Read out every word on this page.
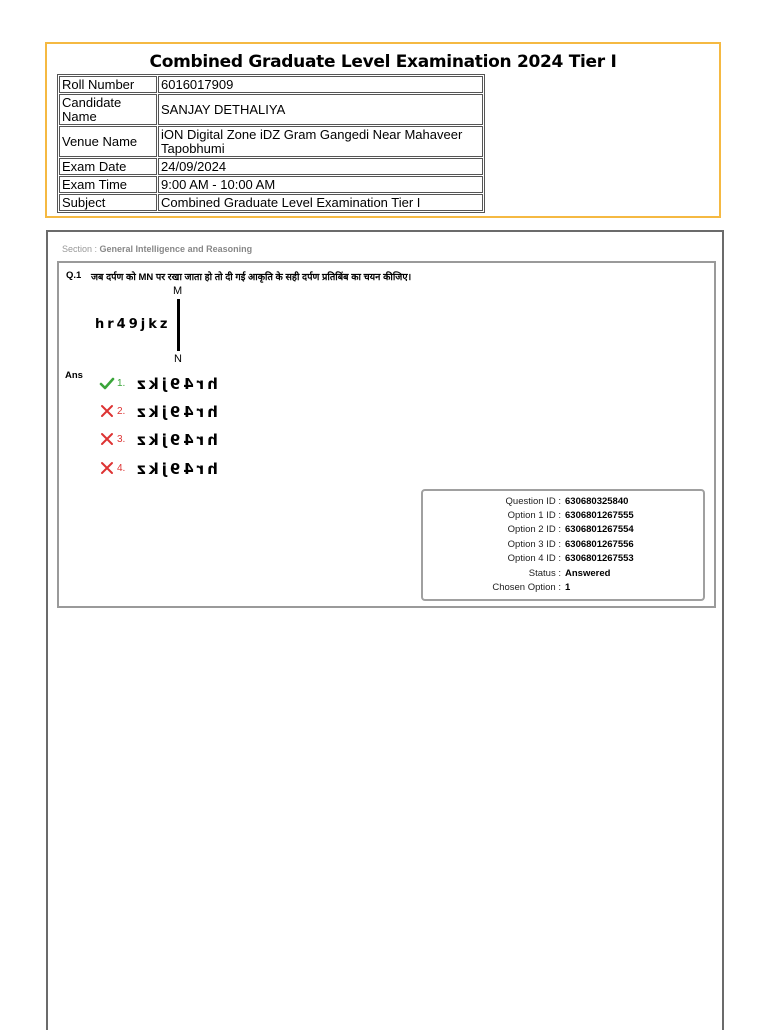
Combined Graduate Level Examination 2024 Tier I
Roll Number	6016017909
Candidate Name	SANJAY DETHALIYA
Venue Name	iON Digital Zone iDZ Gram Gangedi Near Mahaveer Tapobhumi
Exam Date	24/09/2024
Exam Time	9:00 AM - 10:00 AM
Subject	Combined Graduate Level Examination Tier I
Section : General Intelligence and Reasoning
Q.1 जब दर्पण को MN पर रखा जाता हो तो दी गई आकृति के सही दर्पण प्रतिबिंब का चयन कीजिए।
M
N
hr49jkz
Ans
1. hr49jkz
2. hr49jkz
3. hr49jkz
4. hr49jkz
Question ID : 630680325840
Option 1 ID : 6306801267555
Option 2 ID : 6306801267554
Option 3 ID : 6306801267556
Option 4 ID : 6306801267553
Status : Answered
Chosen Option : 1
